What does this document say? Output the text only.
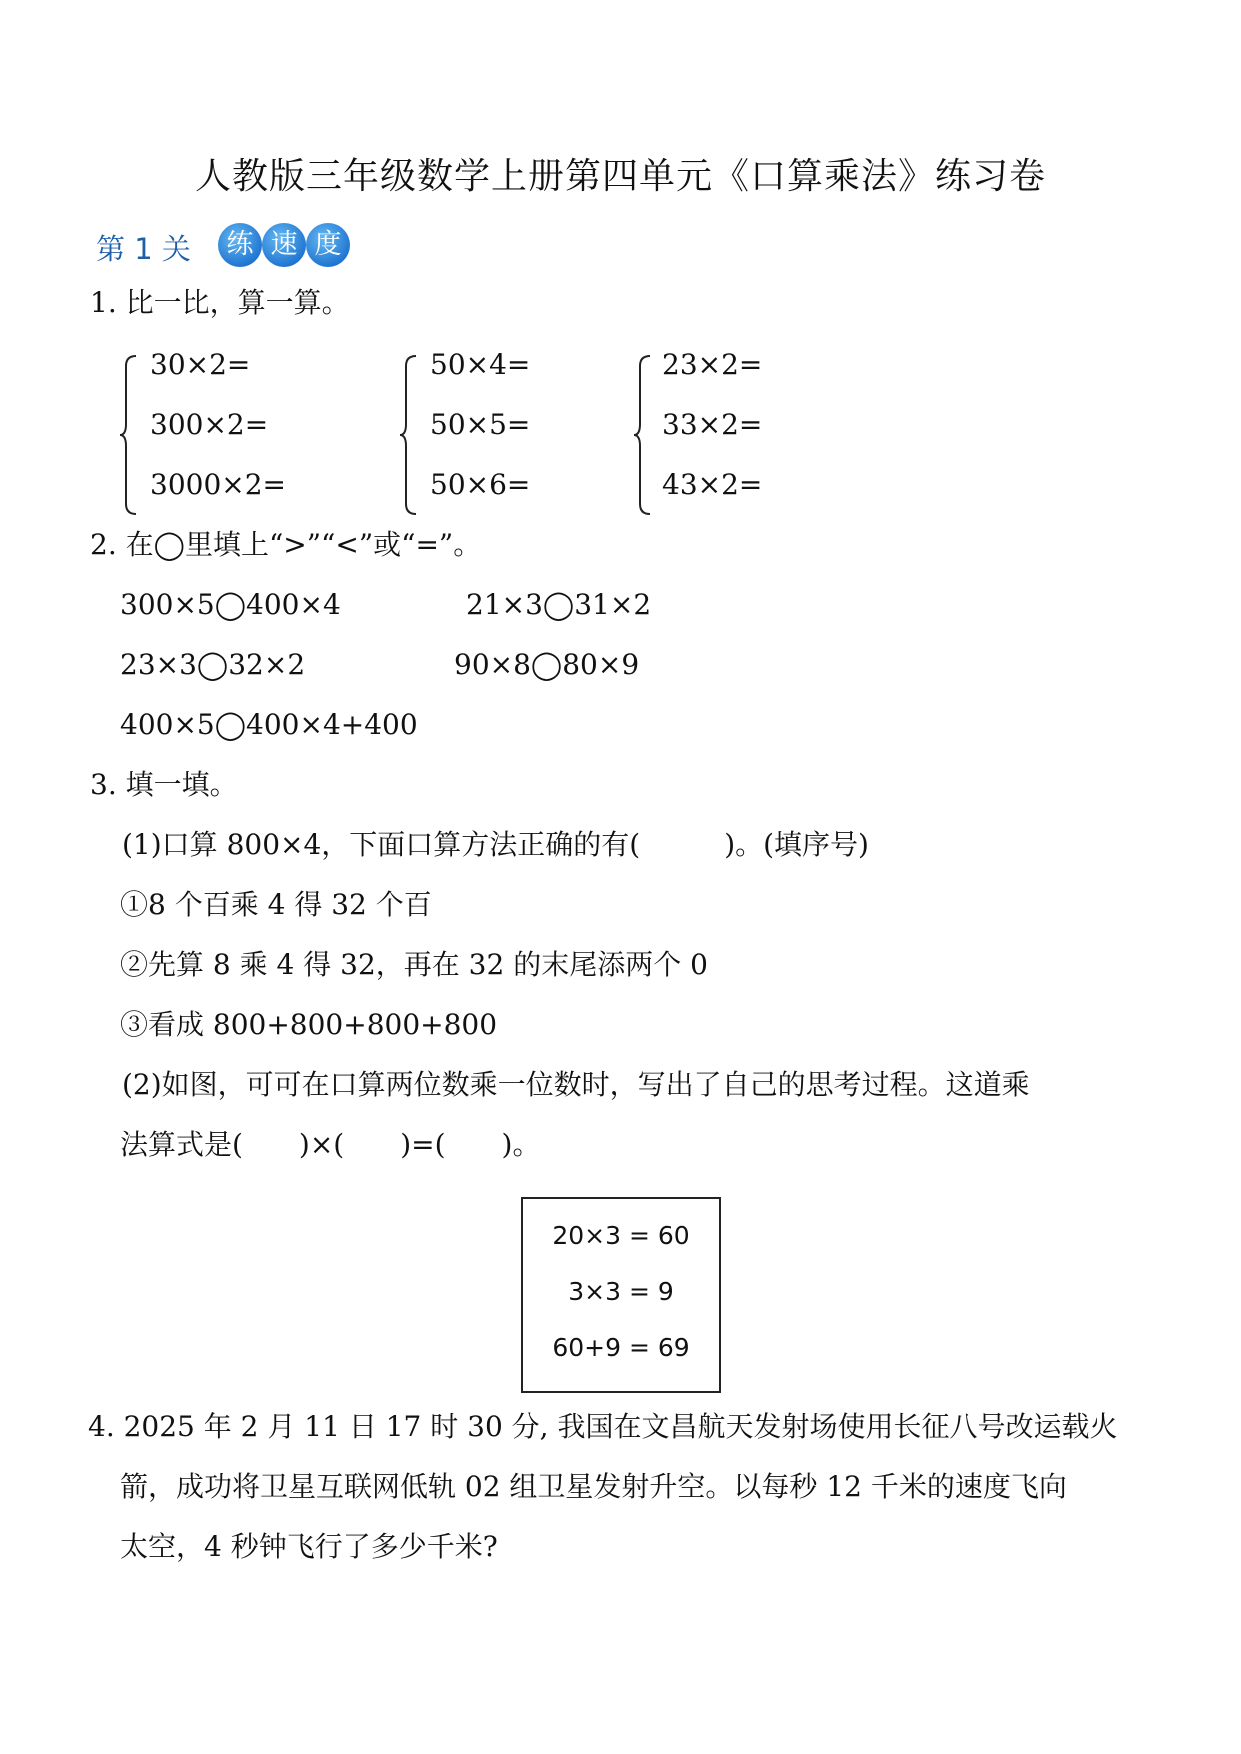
人教版三年级数学上册第四单元《口算乘法》练习卷
第 1 关	练 速 度
1. 比一比，算一算。
30×2=
300×2=
3000×2=
50×4=
50×5=
50×6=
23×2=
33×2=
43×2=
2. 在◯里填上“>”“<”或“=”。
300×5◯400×4	21×3◯31×2
23×3◯32×2	90×8◯80×9
400×5◯400×4+400
3. 填一填。
(1)口算 800×4，下面口算方法正确的有(　　　)。(填序号)
①8 个百乘 4 得 32 个百
②先算 8 乘 4 得 32，再在 32 的末尾添两个 0
③看成 800+800+800+800
(2)如图，可可在口算两位数乘一位数时，写出了自己的思考过程。这道乘
法算式是(　　)×(　　)=(　　)。
20×3 = 60
3×3 = 9
60+9 = 69
4. 2025 年 2 月 11 日 17 时 30 分, 我国在文昌航天发射场使用长征八号改运载火
箭，成功将卫星互联网低轨 02 组卫星发射升空。以每秒 12 千米的速度飞向
太空，4 秒钟飞行了多少千米?
